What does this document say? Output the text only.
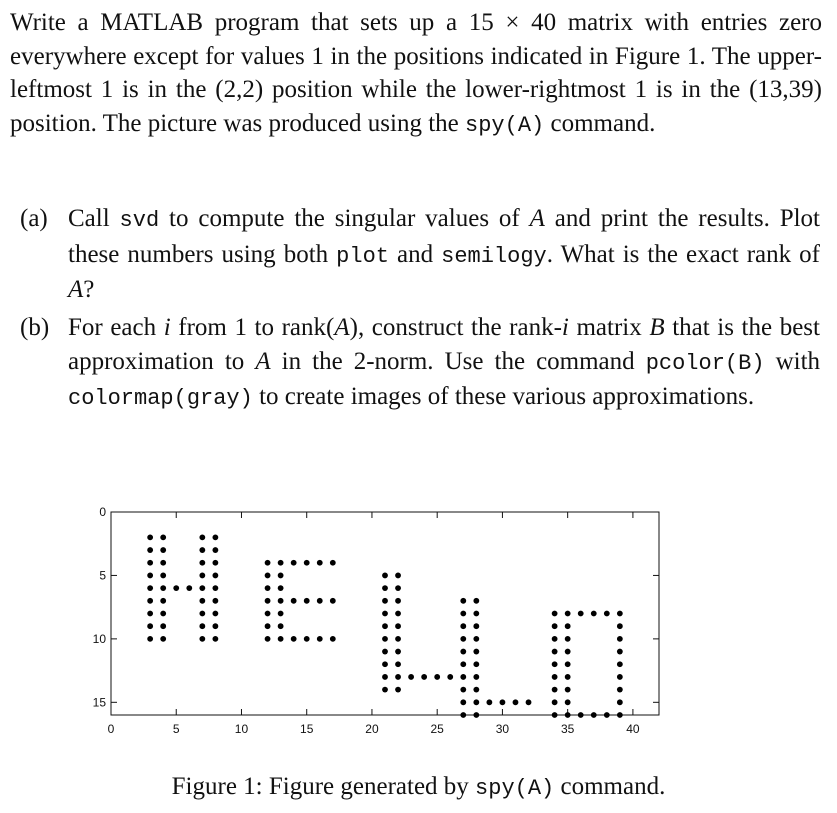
Write a MATLAB program that sets up a 15 × 40 matrix with entries zero everywhere except for values 1 in the positions indicated in Figure 1. The upper-leftmost 1 is in the (2,2) position while the lower-rightmost 1 is in the (13,39) position. The picture was produced using the spy(A) command.

(a) Call svd to compute the singular values of A and print the results. Plot these numbers using both plot and semilogy. What is the exact rank of A?
(b) For each i from 1 to rank(A), construct the rank-i matrix B that is the best approximation to A in the 2-norm. Use the command pcolor(B) with colormap(gray) to create images of these various approximations.
0	5	10	15	20	25	30	35	40
0
5
10
15
Figure 1: Figure generated by spy(A) command.
